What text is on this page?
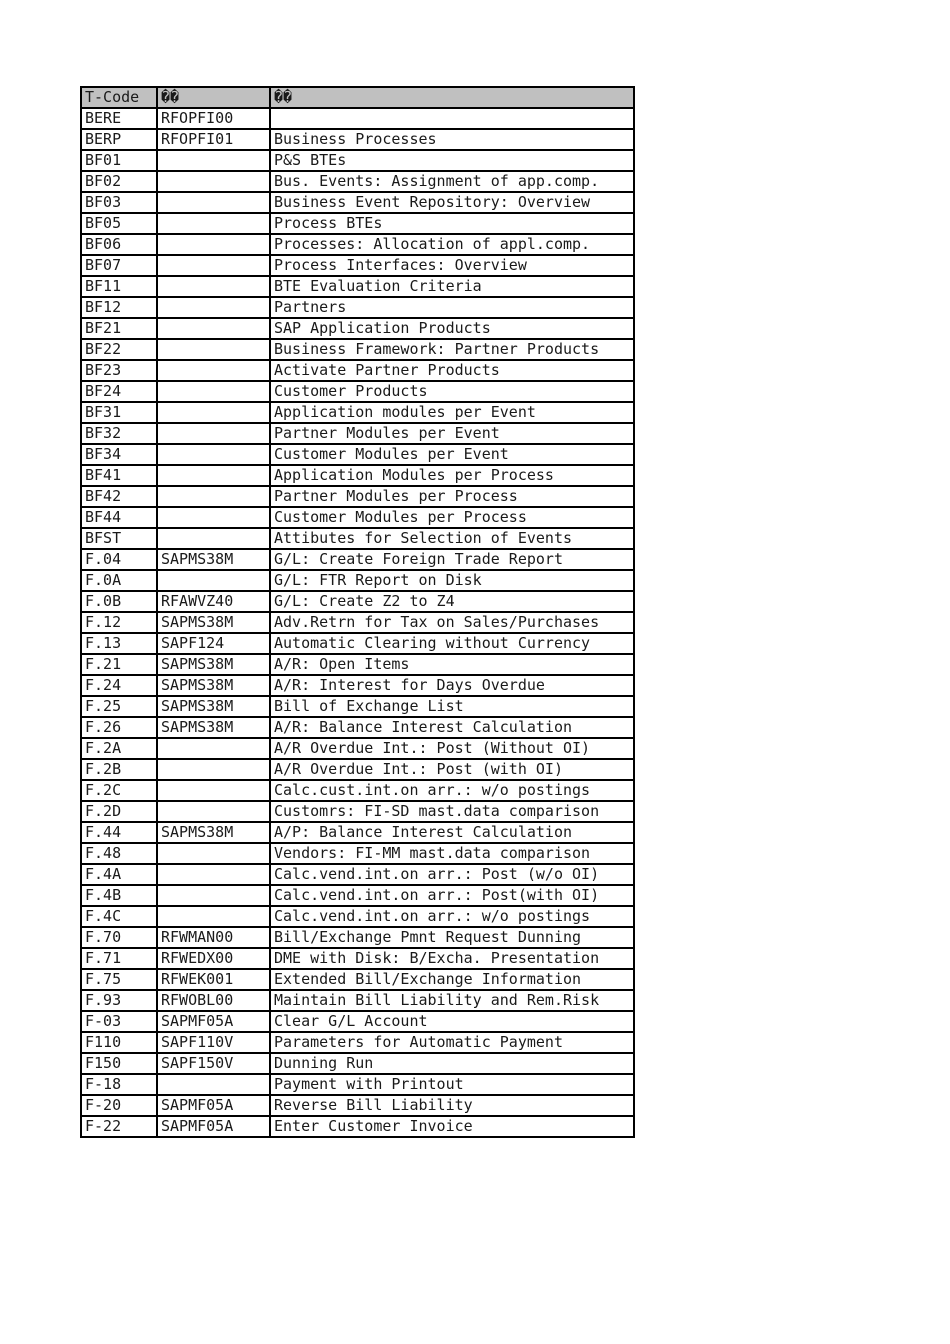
T-Code	��	��
BERE	RFOPFI00	
BERP	RFOPFI01	Business Processes
BF01		P&S BTEs
BF02		Bus. Events: Assignment of app.comp.
BF03		Business Event Repository: Overview
BF05		Process BTEs
BF06		Processes: Allocation of appl.comp.
BF07		Process Interfaces: Overview
BF11		BTE Evaluation Criteria
BF12		Partners
BF21		SAP Application Products
BF22		Business Framework: Partner Products
BF23		Activate Partner Products
BF24		Customer Products
BF31		Application modules per Event
BF32		Partner Modules per Event
BF34		Customer Modules per Event
BF41		Application Modules per Process
BF42		Partner Modules per Process
BF44		Customer Modules per Process
BFST		Attibutes for Selection of Events
F.04	SAPMS38M	G/L: Create Foreign Trade Report
F.0A		G/L: FTR Report on Disk
F.0B	RFAWVZ40	G/L: Create Z2 to Z4
F.12	SAPMS38M	Adv.Retrn for Tax on Sales/Purchases
F.13	SAPF124	Automatic Clearing without Currency
F.21	SAPMS38M	A/R: Open Items
F.24	SAPMS38M	A/R: Interest for Days Overdue
F.25	SAPMS38M	Bill of Exchange List
F.26	SAPMS38M	A/R: Balance Interest Calculation
F.2A		A/R Overdue Int.: Post (Without OI)
F.2B		A/R Overdue Int.: Post (with OI)
F.2C		Calc.cust.int.on arr.: w/o postings
F.2D		Customrs: FI-SD mast.data comparison
F.44	SAPMS38M	A/P: Balance Interest Calculation
F.48		Vendors: FI-MM mast.data comparison
F.4A		Calc.vend.int.on arr.: Post (w/o OI)
F.4B		Calc.vend.int.on arr.: Post(with OI)
F.4C		Calc.vend.int.on arr.: w/o postings
F.70	RFWMAN00	Bill/Exchange Pmnt Request Dunning
F.71	RFWEDX00	DME with Disk: B/Excha. Presentation
F.75	RFWEK001	Extended Bill/Exchange Information
F.93	RFWOBL00	Maintain Bill Liability and Rem.Risk
F-03	SAPMF05A	Clear G/L Account
F110	SAPF110V	Parameters for Automatic Payment
F150	SAPF150V	Dunning Run
F-18		Payment with Printout
F-20	SAPMF05A	Reverse Bill Liability
F-22	SAPMF05A	Enter Customer Invoice
